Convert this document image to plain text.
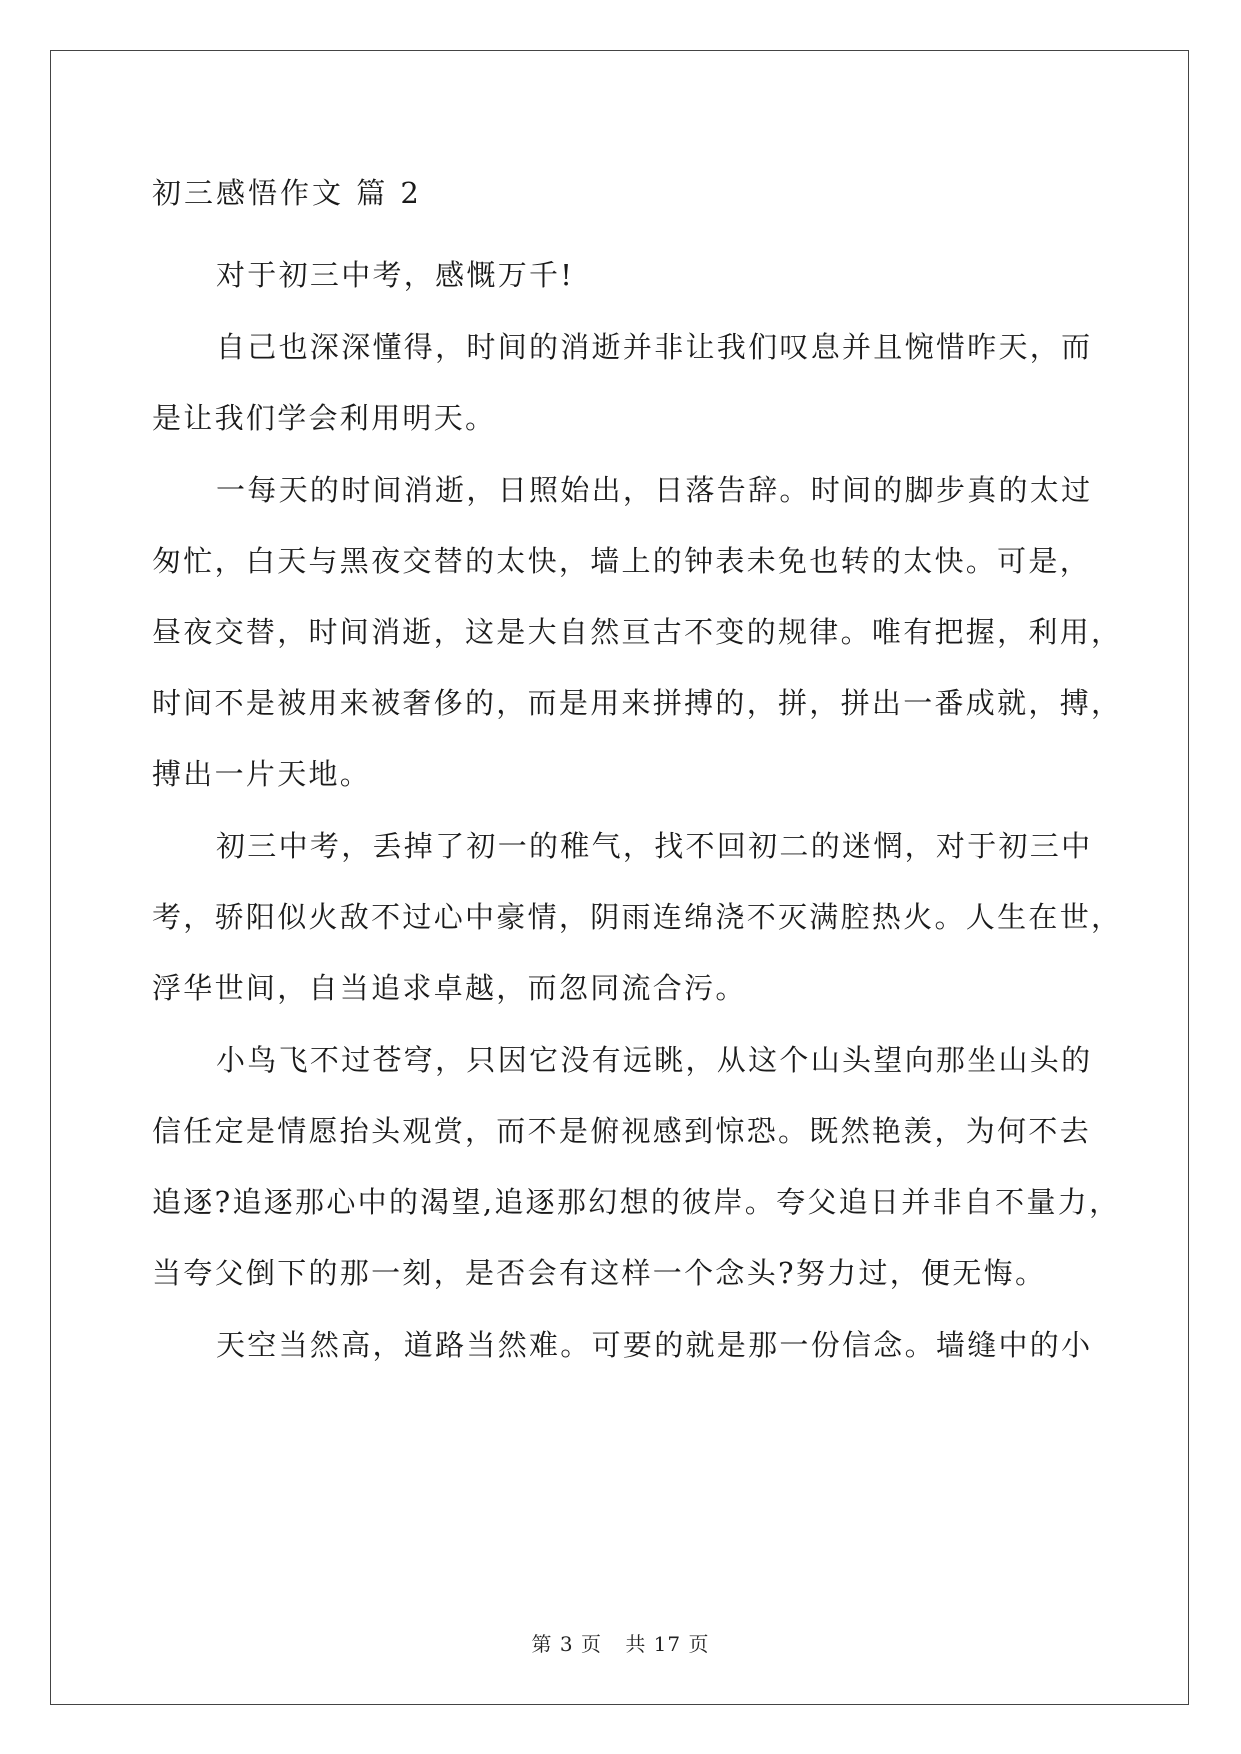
初三感悟作文 篇 2

对于初三中考，感慨万千!

自己也深深懂得，时间的消逝并非让我们叹息并且惋惜昨天，而
是让我们学会利用明天。

一每天的时间消逝，日照始出，日落告辞。时间的脚步真的太过
匆忙，白天与黑夜交替的太快，墙上的钟表未免也转的太快。可是，
昼夜交替，时间消逝，这是大自然亘古不变的规律。唯有把握，利用，
时间不是被用来被奢侈的，而是用来拼搏的，拼，拼出一番成就，搏，
搏出一片天地。

初三中考，丢掉了初一的稚气，找不回初二的迷惘，对于初三中
考，骄阳似火敌不过心中豪情，阴雨连绵浇不灭满腔热火。人生在世，
浮华世间，自当追求卓越，而忽同流合污。

小鸟飞不过苍穹，只因它没有远眺，从这个山头望向那坐山头的
信任定是情愿抬头观赏，而不是俯视感到惊恐。既然艳羡，为何不去
追逐?追逐那心中的渴望,追逐那幻想的彼岸。夸父追日并非自不量力，
当夸父倒下的那一刻，是否会有这样一个念头?努力过，便无悔。

天空当然高，道路当然难。可要的就是那一份信念。墙缝中的小

第 3 页 共 17 页
